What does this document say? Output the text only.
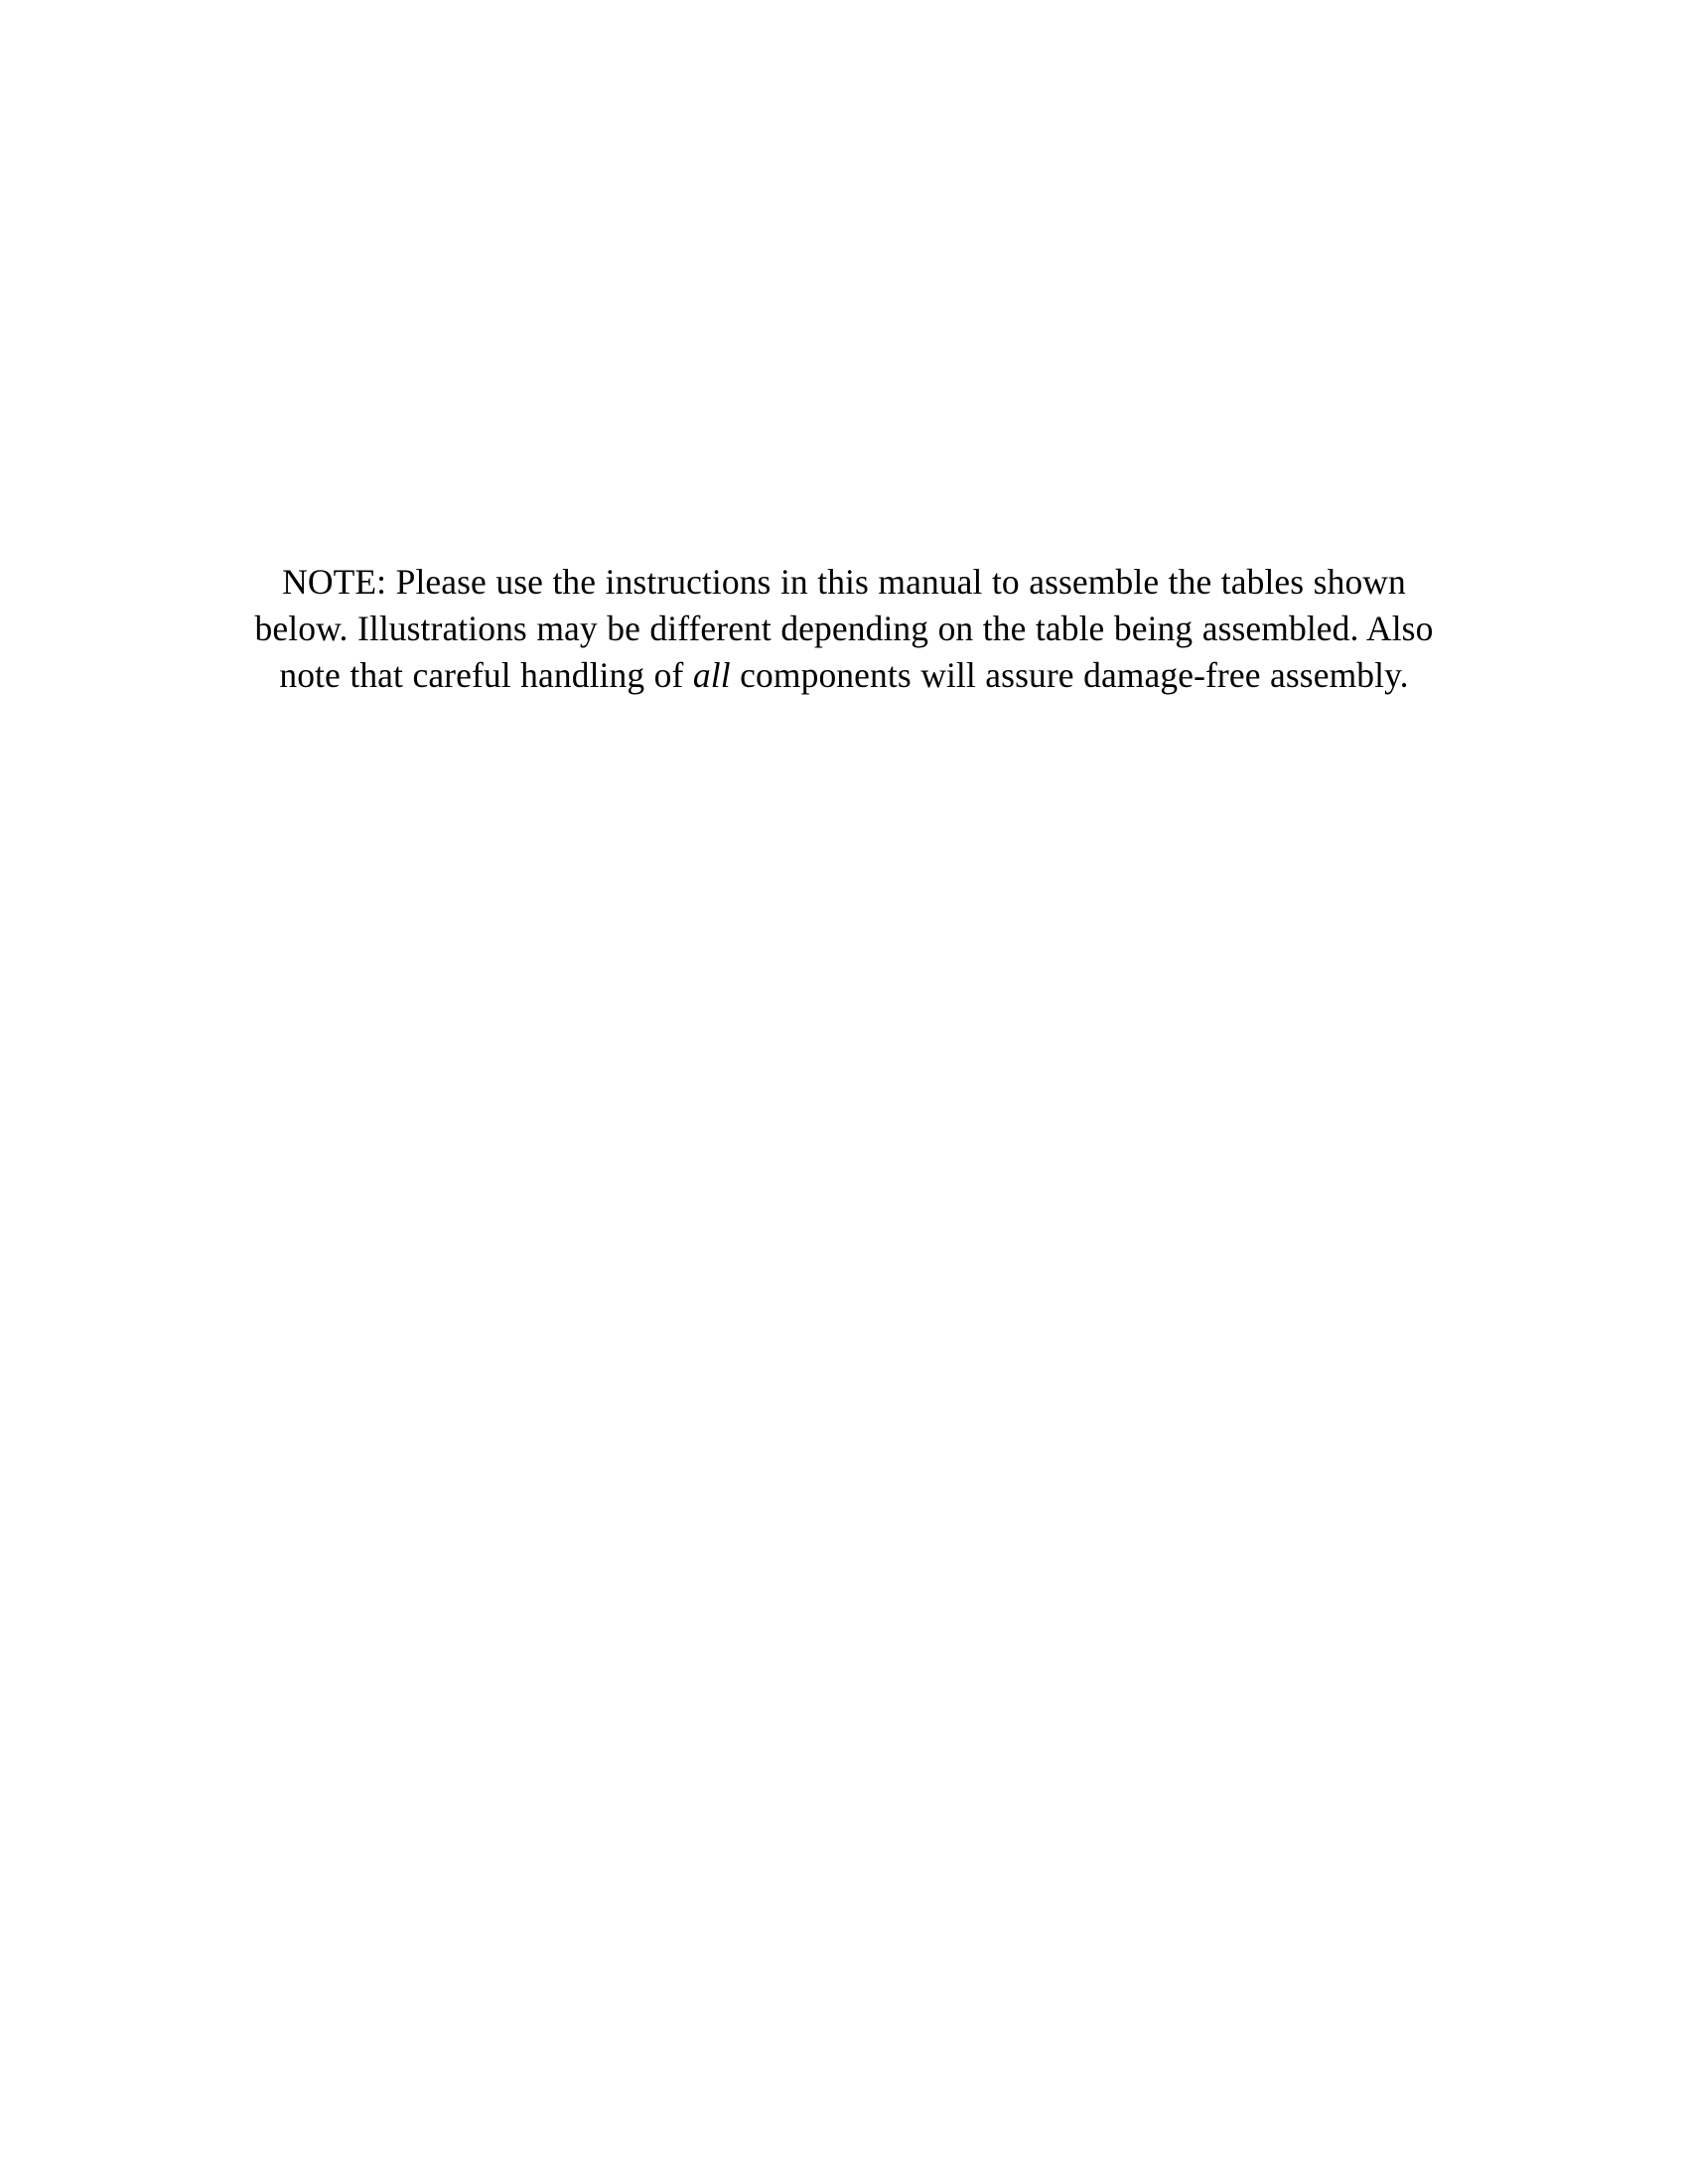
NOTE: Please use the instructions in this manual to assemble the tables shown below. Illustrations may be different depending on the table being assembled. Also note that careful handling of all components will assure damage-free assembly.
